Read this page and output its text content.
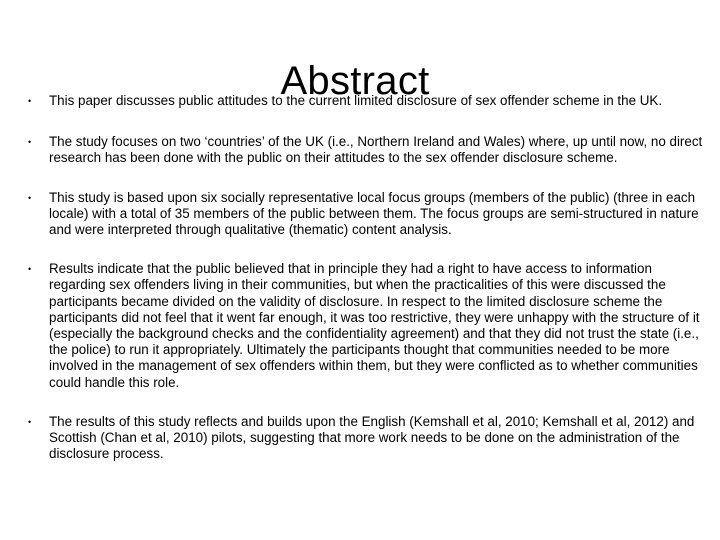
Abstract
•	This paper discusses public attitudes to the current limited disclosure of sex offender scheme in the UK.
•	The study focuses on two ‘countries’ of the UK (i.e., Northern Ireland and Wales) where, up until now, no direct research has been done with the public on their attitudes to the sex offender disclosure scheme.
•	This study is based upon six socially representative local focus groups (members of the public) (three in each locale) with a total of 35 members of the public between them. The focus groups are semi-structured in nature and were interpreted through qualitative (thematic) content analysis.
•	Results indicate that the public believed that in principle they had a right to have access to information regarding sex offenders living in their communities, but when the practicalities of this were discussed the participants became divided on the validity of disclosure. In respect to the limited disclosure scheme the participants did not feel that it went far enough, it was too restrictive, they were unhappy with the structure of it (especially the background checks and the confidentiality agreement) and that they did not trust the state (i.e., the police) to run it appropriately. Ultimately the participants thought that communities needed to be more involved in the management of sex offenders within them, but they were conflicted as to whether communities could handle this role.
•	The results of this study reflects and builds upon the English (Kemshall et al, 2010; Kemshall et al, 2012) and Scottish (Chan et al, 2010) pilots, suggesting that more work needs to be done on the administration of the disclosure process.
